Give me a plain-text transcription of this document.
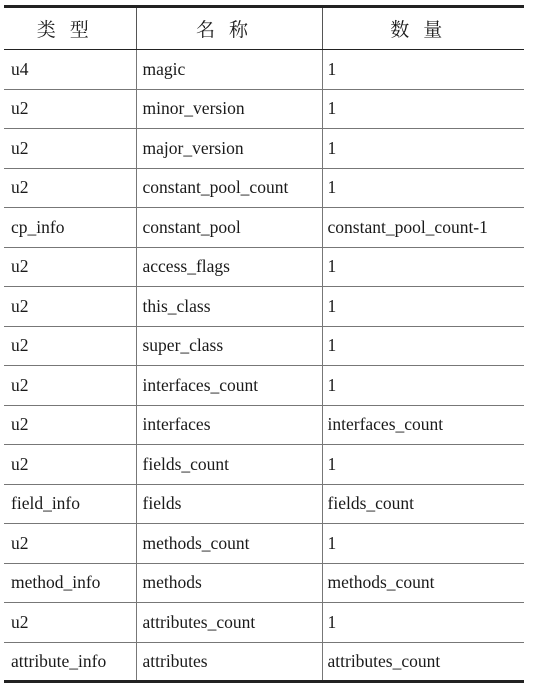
类型	名称	数量
u4	magic	1
u2	minor_version	1
u2	major_version	1
u2	constant_pool_count	1
cp_info	constant_pool	constant_pool_count-1
u2	access_flags	1
u2	this_class	1
u2	super_class	1
u2	interfaces_count	1
u2	interfaces	interfaces_count
u2	fields_count	1
field_info	fields	fields_count
u2	methods_count	1
method_info	methods	methods_count
u2	attributes_count	1
attribute_info	attributes	attributes_count
